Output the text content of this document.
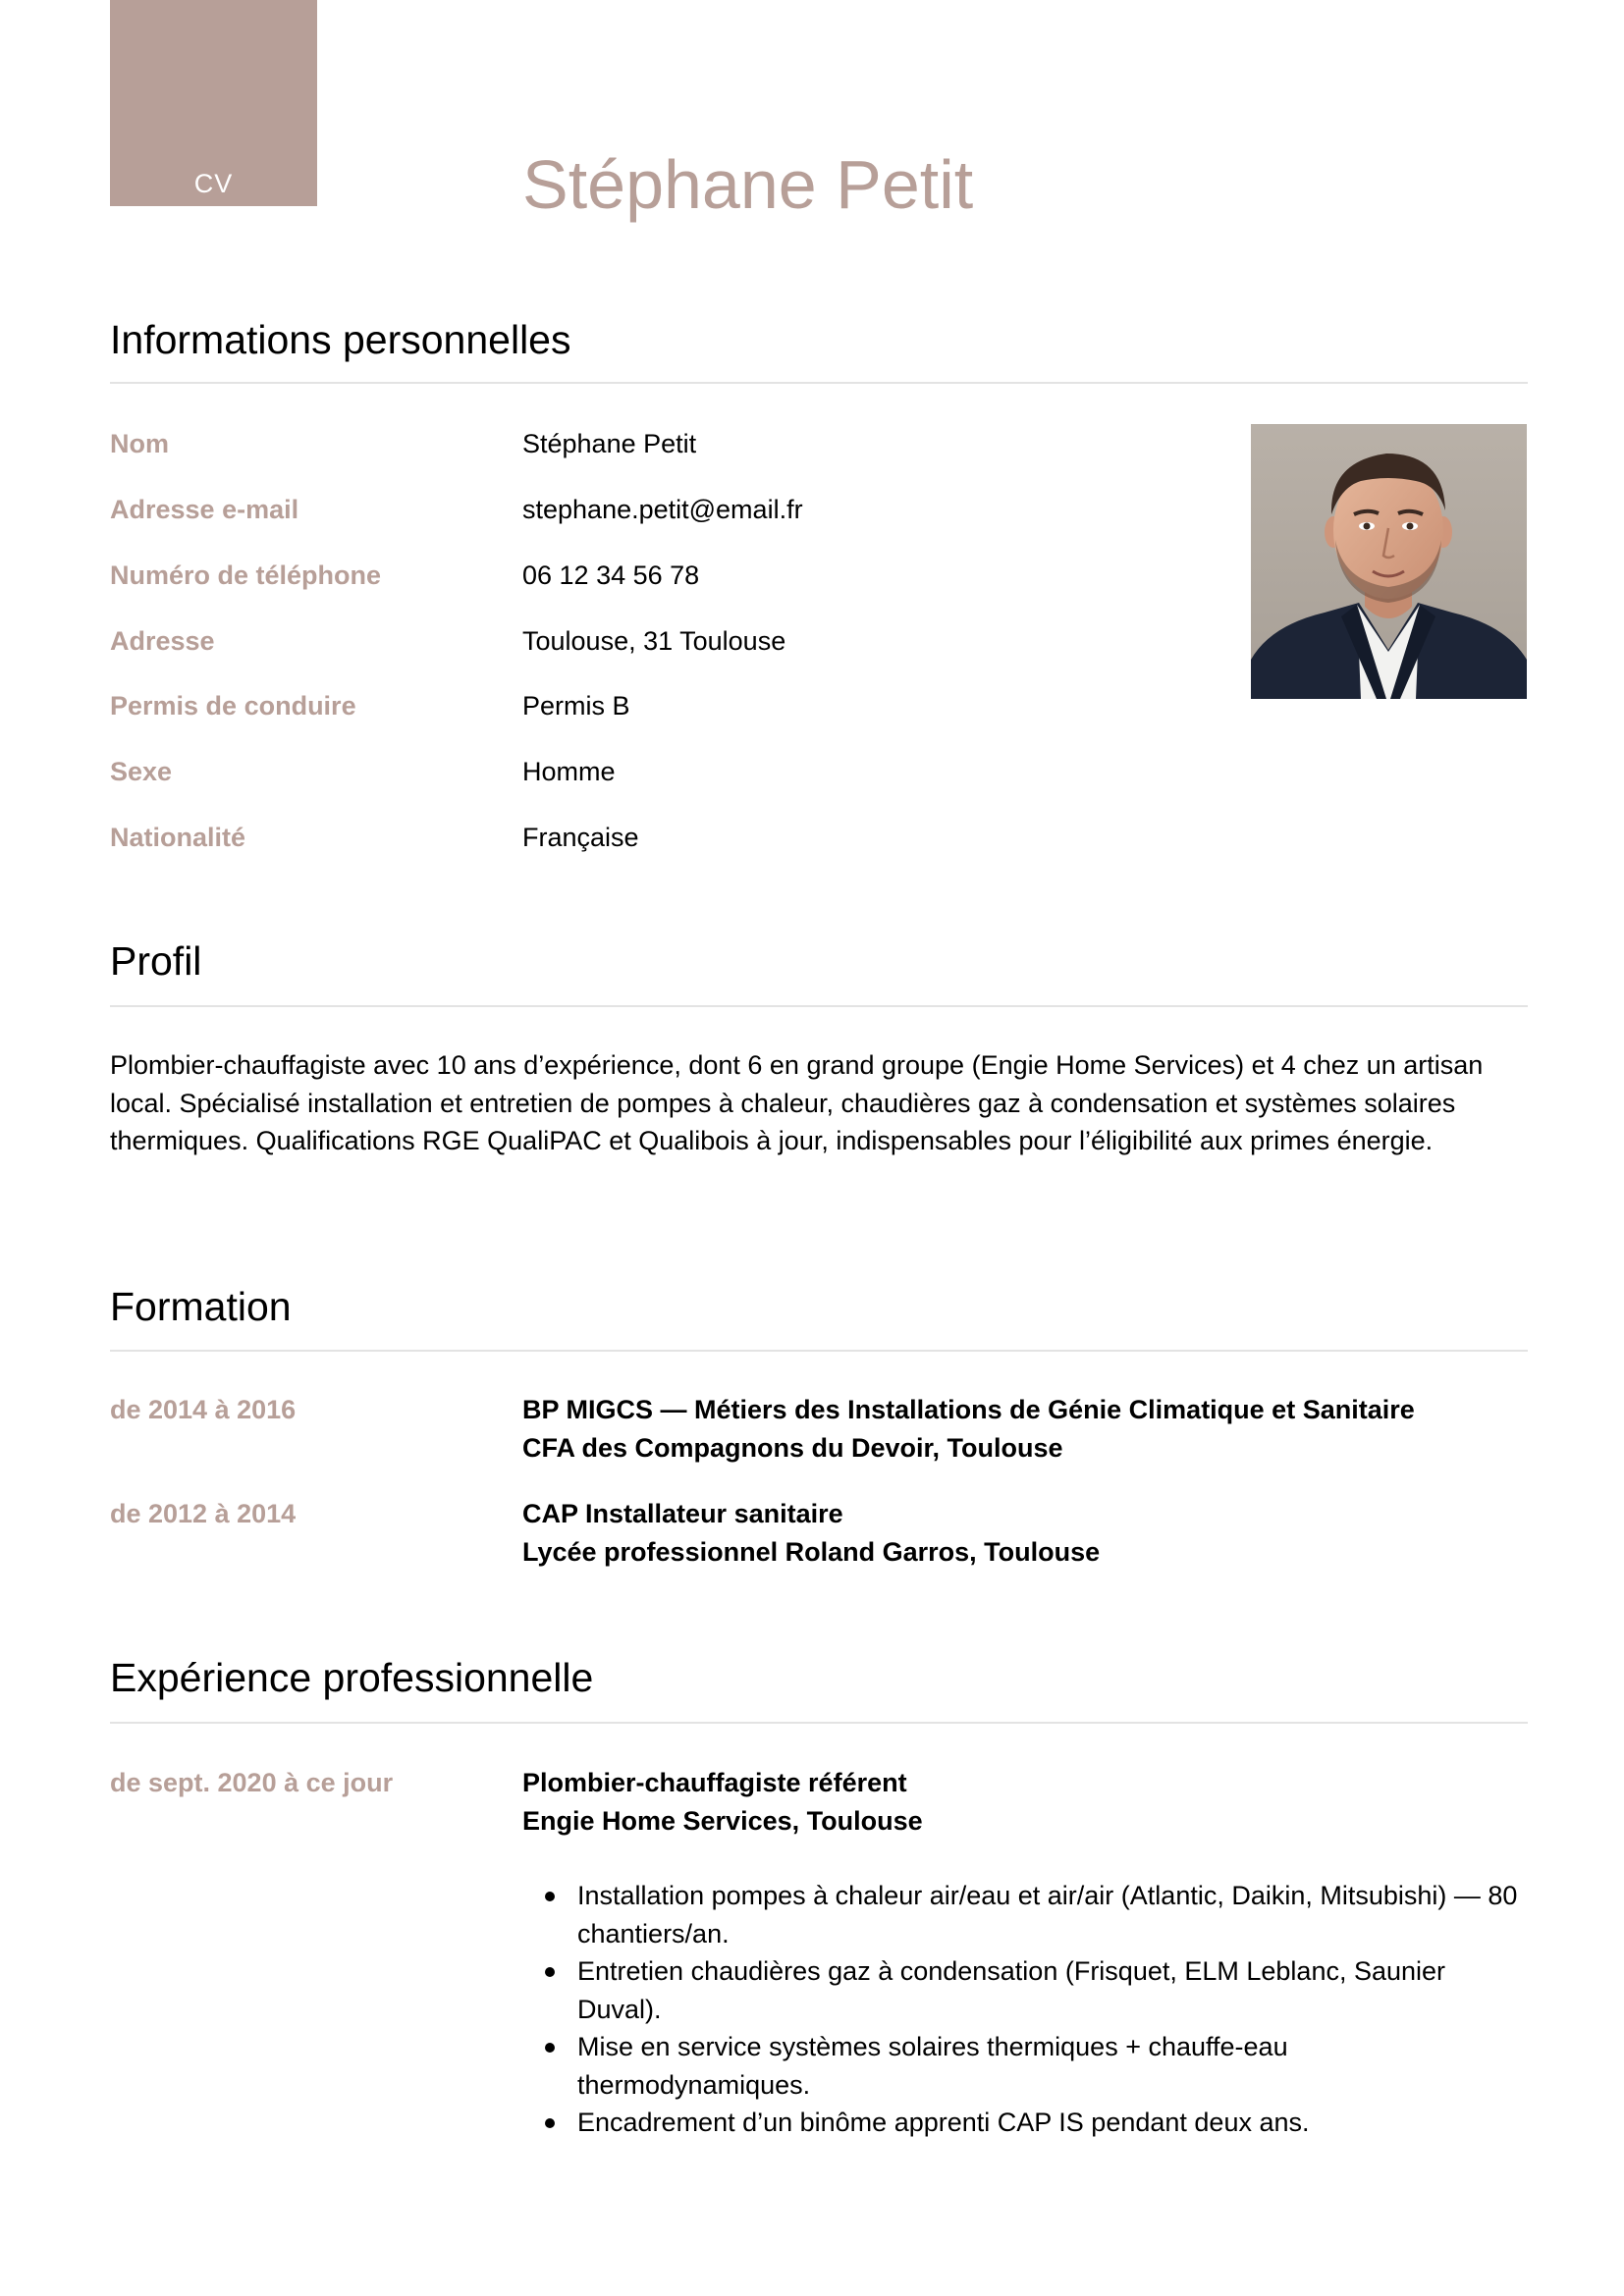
CV	Stéphane Petit
Informations personnelles
Nom	Stéphane Petit
Adresse e-mail	stephane.petit@email.fr
Numéro de téléphone	06 12 34 56 78
Adresse	Toulouse, 31 Toulouse
Permis de conduire	Permis B
Sexe	Homme
Nationalité	Française
Profil

Plombier-chauffagiste avec 10 ans d’expérience, dont 6 en grand groupe (Engie Home Services) et 4 chez un artisan local. Spécialisé installation et entretien de pompes à chaleur, chaudières gaz à condensation et systèmes solaires thermiques. Qualifications RGE QualiPAC et Qualibois à jour, indispensables pour l’éligibilité aux primes énergie.

Formation
de 2014 à 2016	BP MIGCS — Métiers des Installations de Génie Climatique et Sanitaire
CFA des Compagnons du Devoir, Toulouse
de 2012 à 2014	CAP Installateur sanitaire
Lycée professionnel Roland Garros, Toulouse
Expérience professionnelle
de sept. 2020 à ce jour	Plombier-chauffagiste référent
Engie Home Services, Toulouse
Installation pompes à chaleur air/eau et air/air (Atlantic, Daikin, Mitsubishi) — 80 chantiers/an.
Entretien chaudières gaz à condensation (Frisquet, ELM Leblanc, Saunier Duval).
Mise en service systèmes solaires thermiques + chauffe-eau thermodynamiques.
Encadrement d’un binôme apprenti CAP IS pendant deux ans.
